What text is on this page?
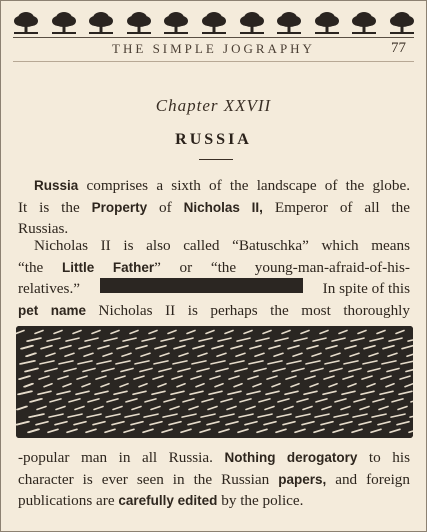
THE SIMPLE JOGRAPHY	77
Chapter XXVII
RUSSIA
Russia comprises a sixth of the landscape of the globe.
It is the Property of Nicholas II, Emperor of all the
Russias.
Nicholas II is also called “Batuschka” which means
“the Little Father” or “the young-man-afraid-of-his-
relatives.”	In spite of this
pet name Nicholas II is perhaps the most thoroughly
-popular man in all Russia. Nothing derogatory to his
character is ever seen in the Russian papers, and foreign
publications are carefully edited by the police.
